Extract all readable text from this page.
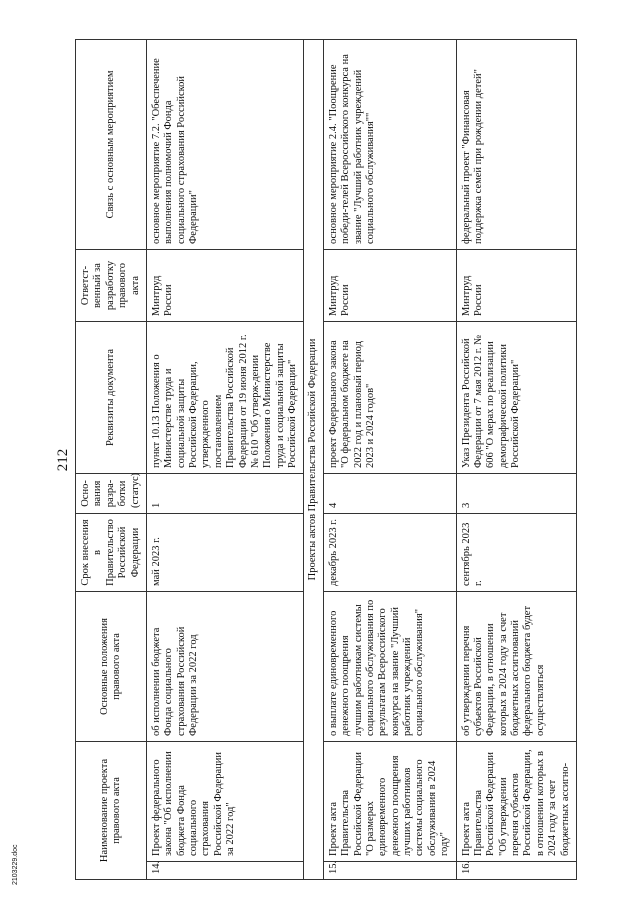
212
Наименование проекта правового акта		Основные положения правового акта	Срок внесения в Правительство Российской Федерации	Осно-вания разра-ботки (статус)	Реквизиты документа	Ответст-венный за разработку правового акта	Связь с основным мероприятием
14.	Проект федерального закона "Об исполнении бюджета Фонда социального страхования Российской Федерации за 2022 год"	об исполнении бюджета Фонда социального страхования Российской Федерации за 2022 год	май 2023 г.	1	пункт 10.13 Положения о Министерстве труда и социальной защиты Российской Федерации, утвержденного постановлением Правительства Российской Федерации от 19 июня 2012 г. № 610 "Об утверж-дении Положения о Министерстве труда и социальной защиты Российской Федерации"	Минтруд России	основное мероприятие 7.2. "Обеспечение выполнения полномочий Фонда социального страхования Российской Федерации"
Проекты актов Правительства Российской Федерации							
15.	Проект акта Правительства Российской Федерации "О размерах единовременного денежного поощрения лучших работников системы социального обслуживания в 2024 году"	о выплате единовременного денежного поощрения лучшим работникам системы социального обслуживания по результатам Всероссийского конкурса на звание "Лучший работник учреждений социального обслуживания"	декабрь 2023 г.	4	проект Федерального закона "О федеральном бюджете на 2022 год и плановый период 2023 и 2024 годов"	Минтруд России	основное мероприятие 2.4. "Поощрение победи-телей Всероссийского конкурса на звание "Лучший работник учреждений социального обслуживания""
16.	Проект акта Правительства Российской Федерации "Об утверждении перечня субъектов Российской Федерации, в отношении которых в 2024 году за счет бюджетных ассигно-	об утверждении перечня субъектов Российской Федерации, в отношении которых в 2024 году за счет бюджетных ассигнований федерального бюджета будет осуществляться	сентябрь 2023 г.	3	Указ Президента Российской Федерации от 7 мая 2012 г. № 606 "О мерах по реализации демографической политики Российской Федерации"	Минтруд России	федеральный проект "Финансовая поддержка семей при рождении детей"
2103229.doc
